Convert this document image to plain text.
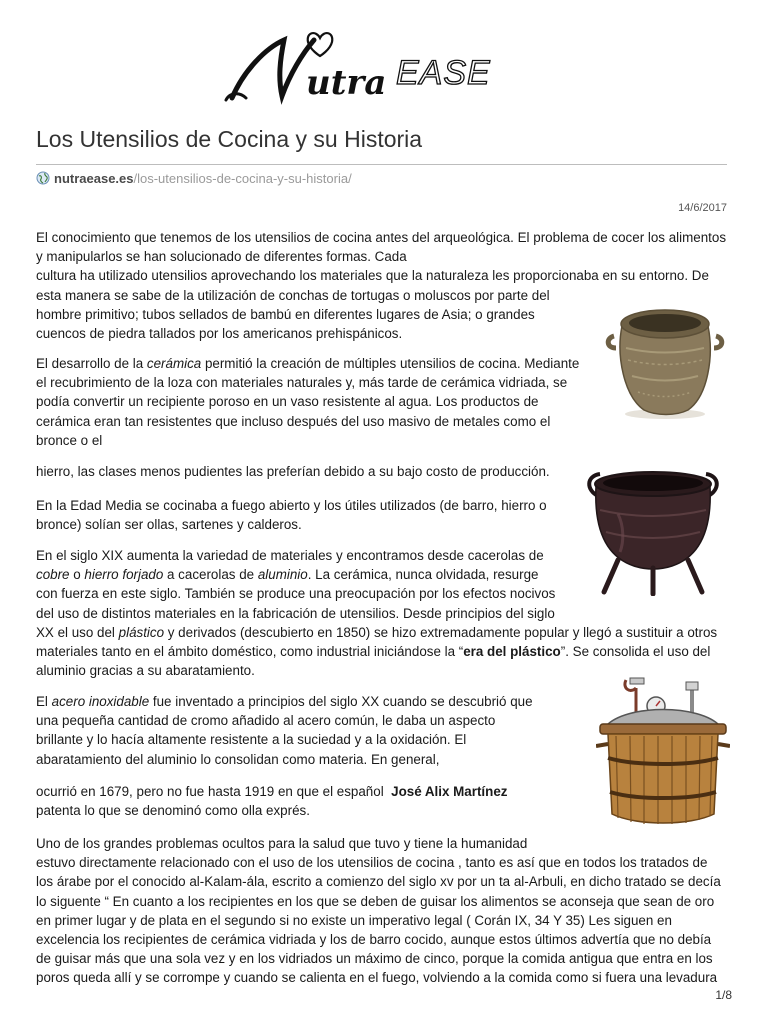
utra EASE
Los Utensilios de Cocina y su Historia
nutraease.es/los-utensilios-de-cocina-y-su-historia/
14/6/2017

El conocimiento que tenemos de los utensilios de cocina antes del arqueológica. El problema de cocer los alimentos
y manipularlos se han solucionado de diferentes formas. Cada
cultura ha utilizado utensilios aprovechando los materiales que la naturaleza les proporcionaba en su entorno. De
esta manera se sabe de la utilización de conchas de tortugas o moluscos por parte del
hombre primitivo; tubos sellados de bambú en diferentes lugares de Asia; o grandes
cuencos de piedra tallados por los americanos prehispánicos.

El desarrollo de la cerámica permitió la creación de múltiples utensilios de cocina. Mediante
el recubrimiento de la loza con materiales naturales y, más tarde de cerámica vidriada, se
podía convertir un recipiente poroso en un vaso resistente al agua. Los productos de
cerámica eran tan resistentes que incluso después del uso masivo de metales como el
bronce o el

hierro, las clases menos pudientes las preferían debido a su bajo costo de producción.

En la Edad Media se cocinaba a fuego abierto y los útiles utilizados (de barro, hierro o
bronce) solían ser ollas, sartenes y calderos.

En el siglo XIX aumenta la variedad de materiales y encontramos desde cacerolas de
cobre o hierro forjado a cacerolas de aluminio. La cerámica, nunca olvidada, resurge
con fuerza en este siglo. También se produce una preocupación por los efectos nocivos
del uso de distintos materiales en la fabricación de utensilios. Desde principios del siglo
XX el uso del plástico y derivados (descubierto en 1850) se hizo extremadamente popular y llegó a sustituir a otros
materiales tanto en el ámbito doméstico, como industrial iniciándose la “era del plástico”. Se consolida el uso del
aluminio gracias a su abaratamiento.

El acero inoxidable fue inventado a principios del siglo XX cuando se descubrió que
una pequeña cantidad de cromo añadido al acero común, le daba un aspecto
brillante y lo hacía altamente resistente a la suciedad y a la oxidación. El
abaratamiento del aluminio lo consolidan como materia. En general,

ocurrió en 1679, pero no fue hasta 1919 en que el español  José Alix Martínez
patenta lo que se denominó como olla exprés.

Uno de los grandes problemas ocultos para la salud que tuvo y tiene la humanidad
estuvo directamente relacionado con el uso de los utensilios de cocina , tanto es así que en todos los tratados de
los árabe por el conocido al-Kalam-ála, escrito a comienzo del siglo xv por un ta al-Arbuli, en dicho tratado se decía
lo siguente “ En cuanto a los recipientes en los que se deben de guisar los alimentos se aconseja que sean de oro
en primer lugar y de plata en el segundo si no existe un imperativo legal ( Corán IX, 34 Y 35) Les siguen en
excelencia los recipientes de cerámica vidriada y los de barro cocido, aunque estos últimos advertía que no debía
de guisar más que una sola vez y en los vidriados un máximo de cinco, porque la comida antigua que entra en los
poros queda allí y se corrompe y cuando se calienta en el fuego, volviendo a la comida como si fuera una levadura

1/8
